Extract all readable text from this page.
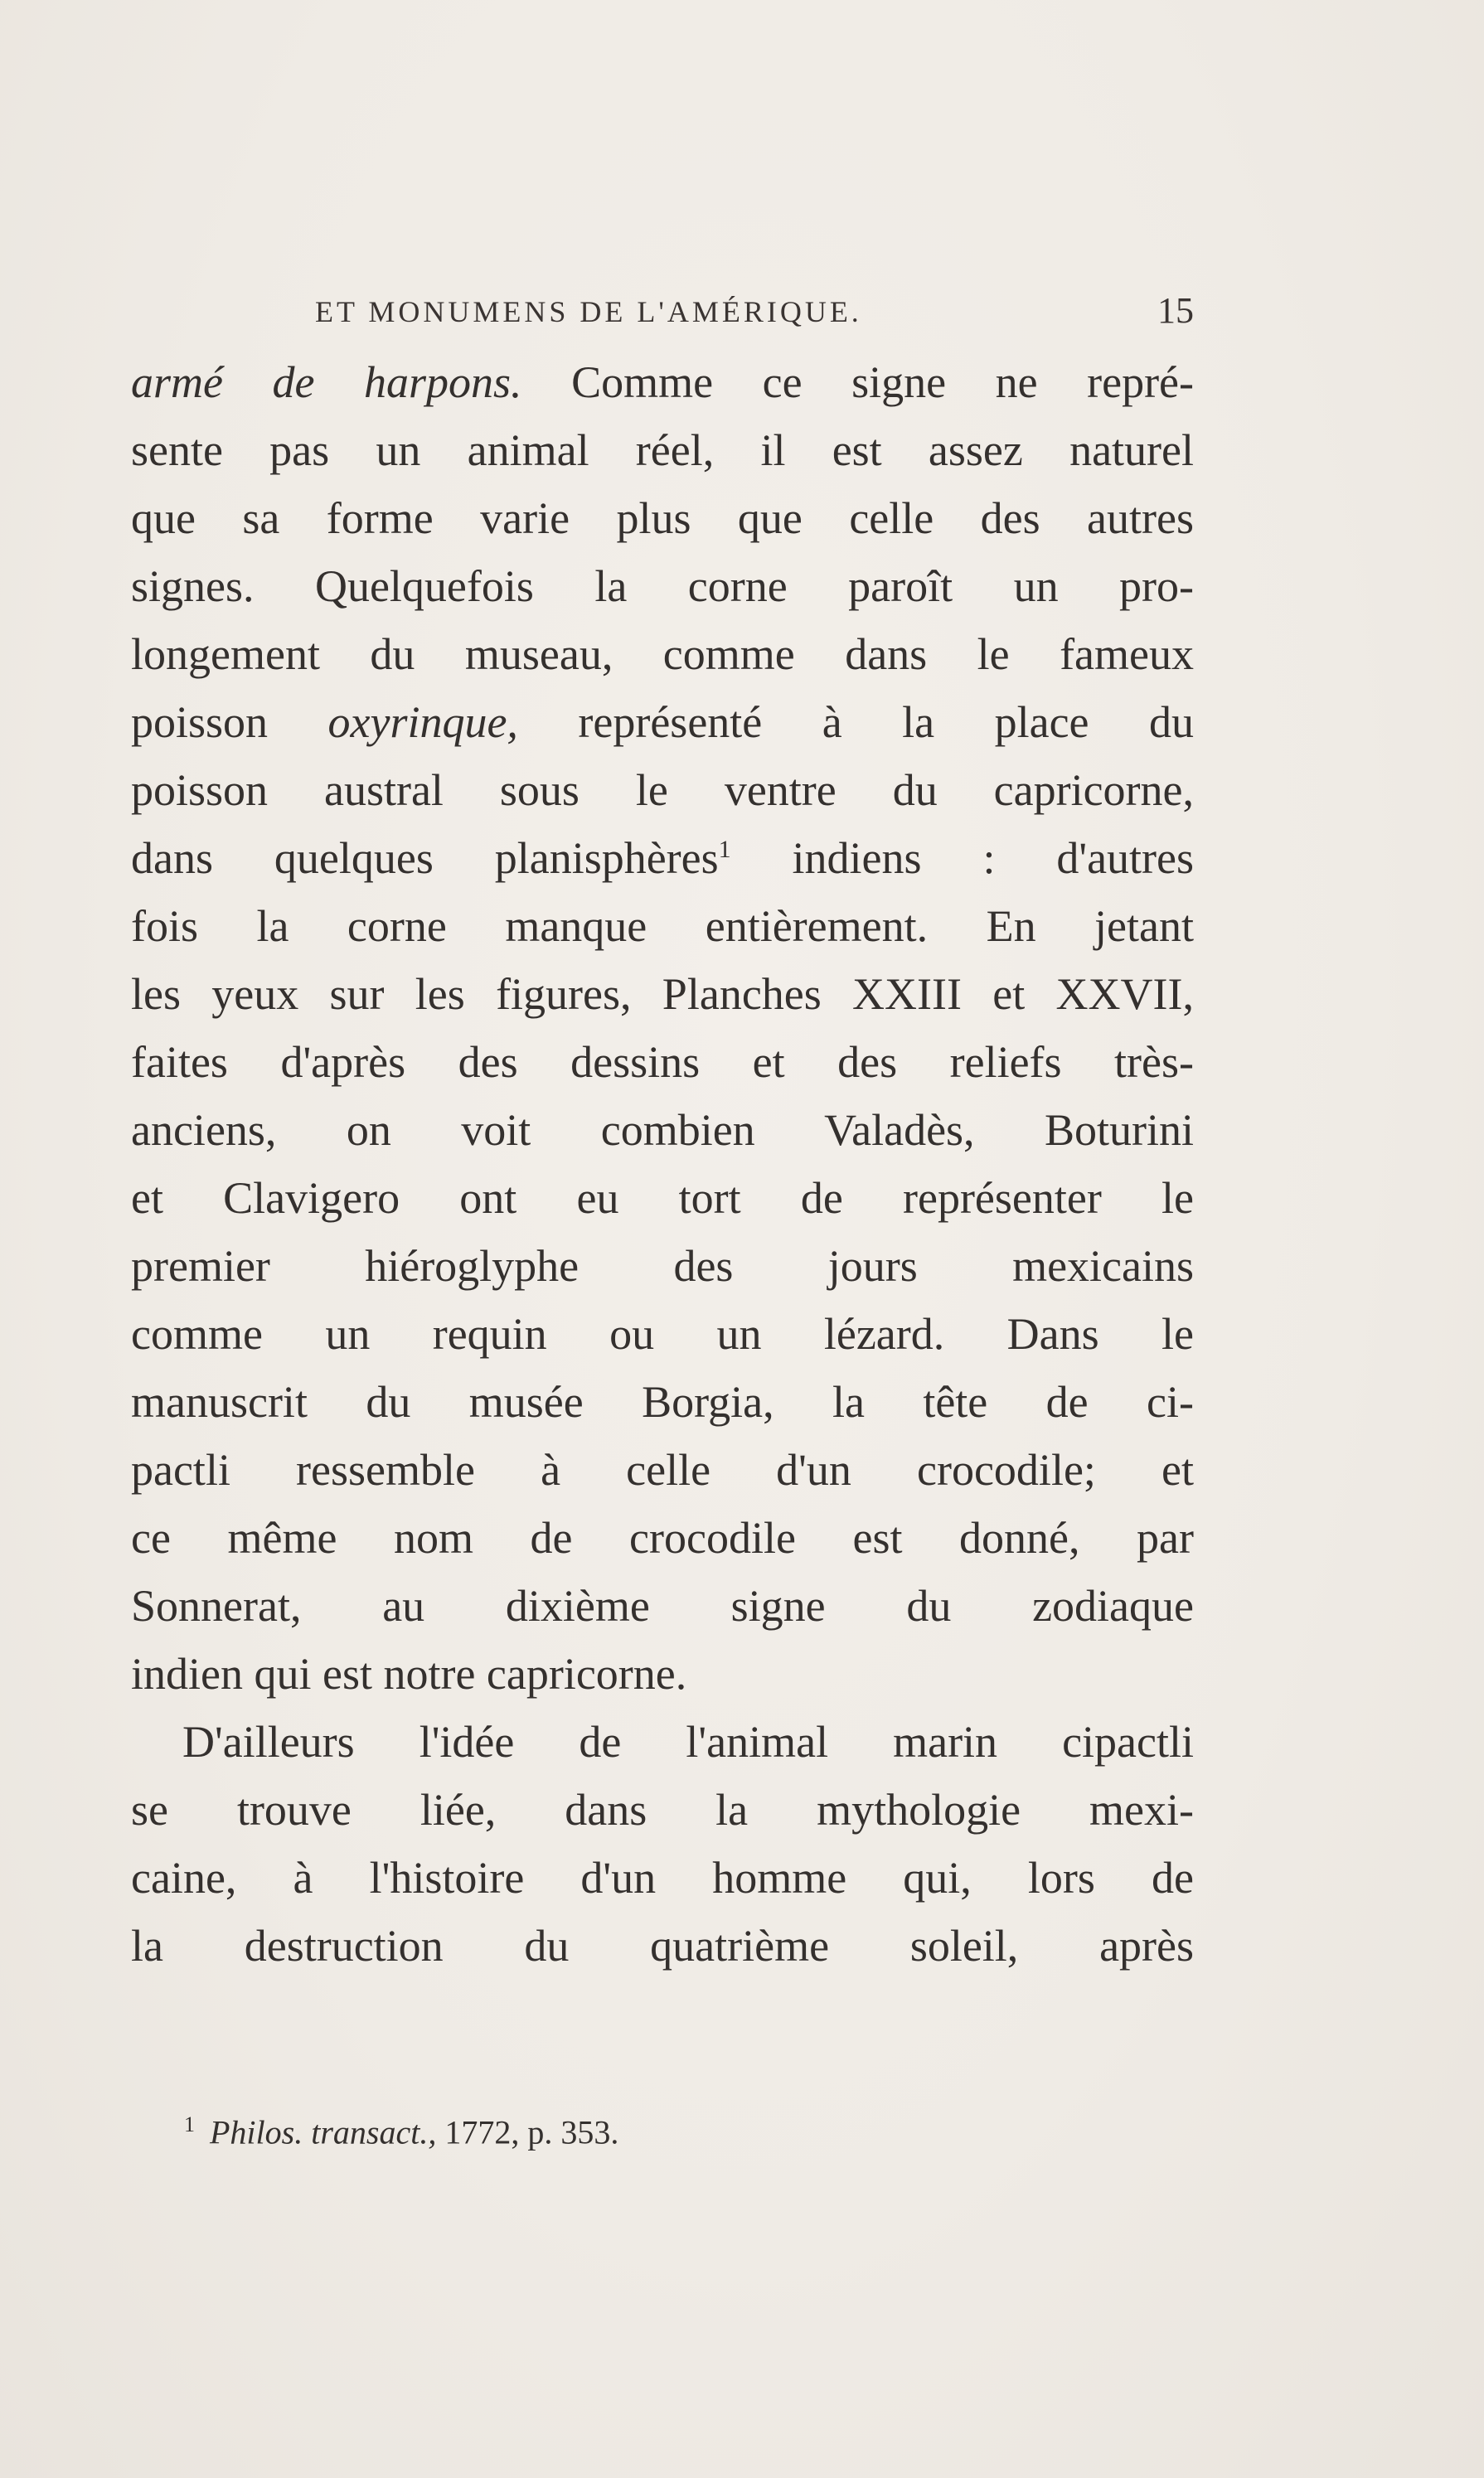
ET MONUMENS DE L'AMÉRIQUE.	15
armé de harpons. Comme ce signe ne repré-
sente pas un animal réel, il est assez naturel
que sa forme varie plus que celle des autres
signes. Quelquefois la corne paroît un pro-
longement du museau, comme dans le fameux
poisson oxyrinque, représenté à la place du
poisson austral sous le ventre du capricorne,
dans quelques planisphères$^1$ indiens : d'autres
fois la corne manque entièrement. En jetant
les yeux sur les figures, Planches XXIII et XXVII,
faites d'après des dessins et des reliefs très-
anciens, on voit combien Valadès, Boturini
et Clavigero ont eu tort de représenter le
premier hiéroglyphe des jours mexicains
comme un requin ou un lézard. Dans le
manuscrit du musée Borgia, la tête de ci-
pactli ressemble à celle d'un crocodile; et
ce même nom de crocodile est donné, par
Sonnerat, au dixième signe du zodiaque
indien qui est notre capricorne.
D'ailleurs l'idée de l'animal marin cipactli
se trouve liée, dans la mythologie mexi-
caine, à l'histoire d'un homme qui, lors de
la destruction du quatrième soleil, après
$^1$ Philos. transact., 1772, p. 353.
